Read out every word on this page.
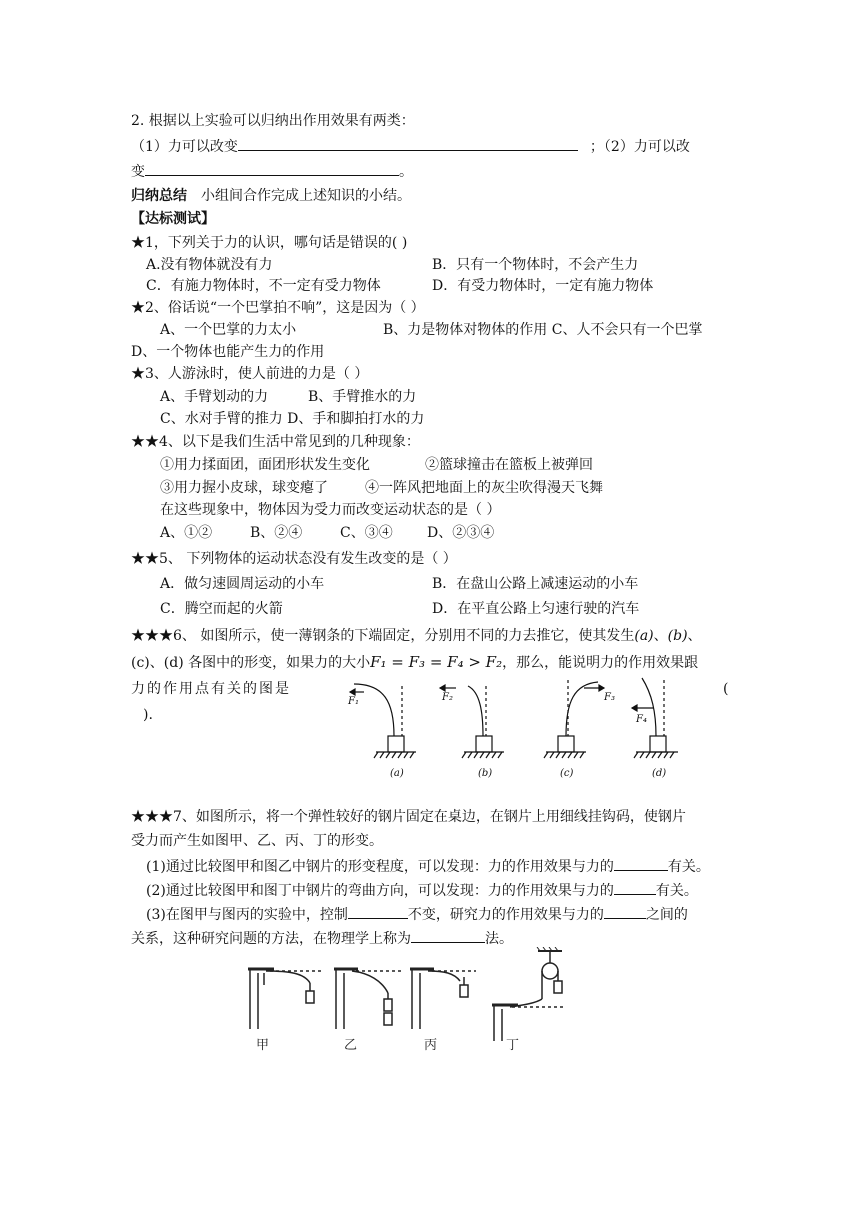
2. 根据以上实验可以归纳出作用效果有两类：
（1）力可以改变	；（2）力可以改
变	。
归纳总结 小组间合作完成上述知识的小结。
【达标测试】
★1，下列关于力的认识，哪句话是错误的( )
A.没有物体就没有力	B．只有一个物体时，不会产生力
C．有施力物体时，不一定有受力物体	D．有受力物体时，一定有施力物体
★2、俗话说“一个巴掌拍不响”，这是因为（ ）
A、一个巴掌的力太小	B、力是物体对物体的作用 C、人不会只有一个巴掌
D、一个物体也能产生力的作用
★3、人游泳时，使人前进的力是（ ）
A、手臂划动的力	B、手臂推水的力
C、水对手臂的推力 D、手和脚拍打水的力
★★4、以下是我们生活中常见到的几种现象：
①用力揉面团，面团形状发生变化	②篮球撞击在篮板上被弹回
③用力握小皮球，球变瘪了	④一阵风把地面上的灰尘吹得漫天飞舞
在这些现象中，物体因为受力而改变运动状态的是（ ）
A、①②	B、②④	C、③④ D、②③④
★★5、 下列物体的运动状态没有发生改变的是（ ）
A．做匀速圆周运动的小车	B．在盘山公路上减速运动的小车
C．腾空而起的火箭	D．在平直公路上匀速行驶的汽车
★★★6、 如图所示，使一薄钢条的下端固定，分别用不同的力去推它，使其发生(a)、(b)、
(c)、(d) 各图中的形变，如果力的大小F₁ = F₃ = F₄ > F₂，那么，能说明力的作用效果跟
力的作用点有关的图是	(
).
F₁	F₂	F₃
F₄
(a)	(b)	(c)	(d)
★★★7、如图所示，将一个弹性较好的钢片固定在桌边，在钢片上用细线挂钩码，使钢片
受力而产生如图甲、乙、丙、丁的形变。
(1)通过比较图甲和图乙中钢片的形变程度，可以发现：力的作用效果与力的	有关。
(2)通过比较图甲和图丁中钢片的弯曲方向，可以发现：力的作用效果与力的	有关。
(3)在图甲与图丙的实验中，控制	不变，研究力的作用效果与力的	之间的
关系，这种研究问题的方法，在物理学上称为	法。
甲	乙	丙	丁
